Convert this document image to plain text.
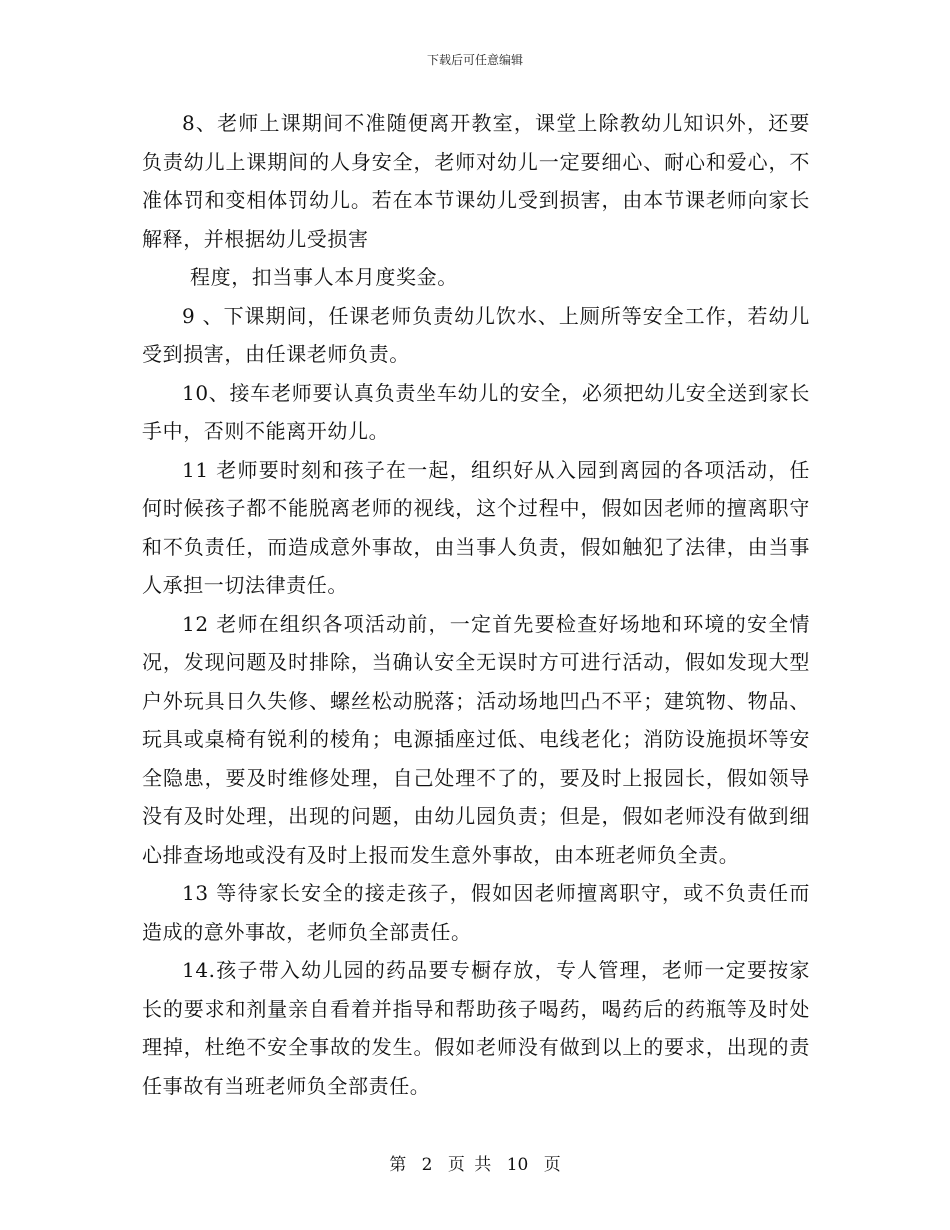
下载后可任意编辑

8、老师上课期间不准随便离开教室，课堂上除教幼儿知识外，还要负责幼儿上课期间的人身安全，老师对幼儿一定要细心、耐心和爱心，不准体罚和变相体罚幼儿。若在本节课幼儿受到损害，由本节课老师向家长解释，并根据幼儿受损害

程度，扣当事人本月度奖金。

9 、下课期间，任课老师负责幼儿饮水、上厕所等安全工作，若幼儿受到损害，由任课老师负责。

10、接车老师要认真负责坐车幼儿的安全，必须把幼儿安全送到家长手中，否则不能离开幼儿。

11 老师要时刻和孩子在一起，组织好从入园到离园的各项活动，任何时候孩子都不能脱离老师的视线，这个过程中，假如因老师的擅离职守和不负责任，而造成意外事故，由当事人负责，假如触犯了法律，由当事人承担一切法律责任。

12 老师在组织各项活动前，一定首先要检查好场地和环境的安全情况，发现问题及时排除，当确认安全无误时方可进行活动，假如发现大型户外玩具日久失修、螺丝松动脱落；活动场地凹凸不平；建筑物、物品、玩具或桌椅有锐利的棱角；电源插座过低、电线老化；消防设施损坏等安全隐患，要及时维修处理，自己处理不了的，要及时上报园长，假如领导没有及时处理，出现的问题，由幼儿园负责；但是，假如老师没有做到细心排查场地或没有及时上报而发生意外事故，由本班老师负全责。

13 等待家长安全的接走孩子，假如因老师擅离职守，或不负责任而造成的意外事故，老师负全部责任。

14.孩子带入幼儿园的药品要专橱存放，专人管理，老师一定要按家长的要求和剂量亲自看着并指导和帮助孩子喝药，喝药后的药瓶等及时处理掉，杜绝不安全事故的发生。假如老师没有做到以上的要求，出现的责任事故有当班老师负全部责任。

第 2 页 共 10 页
